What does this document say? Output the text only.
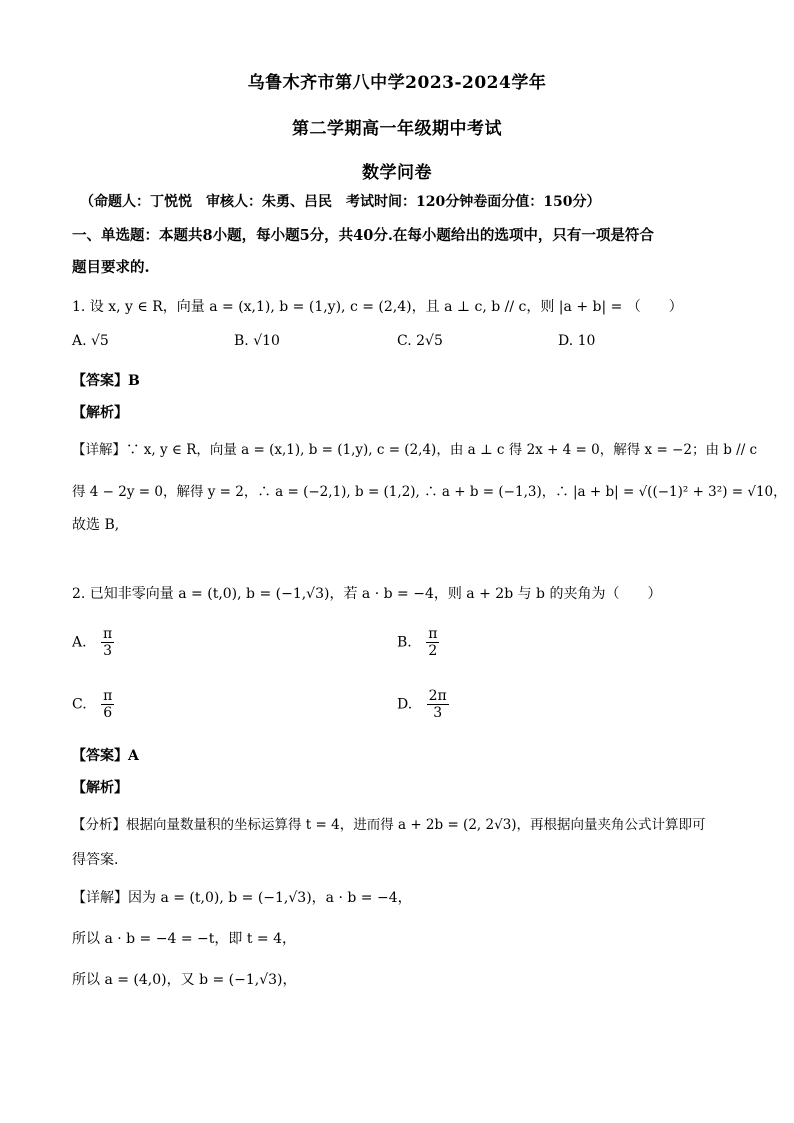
乌鲁木齐市第八中学2023-2024学年
第二学期高一年级期中考试
数学问卷
（命题人：丁悦悦　审核人：朱勇、吕民　考试时间：120分钟卷面分值：150分）
一、单选题：本题共8小题，每小题5分，共40分.在每小题给出的选项中，只有一项是符合
题目要求的.
1. 设 x, y ∈ R，向量 a = (x,1), b = (1,y), c = (2,4)，且 a ⊥ c, b // c，则 |a + b| = （　　）
A. √5	B. √10	C. 2√5	D. 10
【答案】B
【解析】
【详解】∵ x, y ∈ R，向量 a = (x,1), b = (1,y), c = (2,4)，由 a ⊥ c 得 2x + 4 = 0，解得 x = −2；由 b // c
得 4 − 2y = 0，解得 y = 2，∴ a = (−2,1), b = (1,2), ∴ a + b = (−1,3)，∴ |a + b| = √((−1)² + 3²) = √10，
故选 B,
2. 已知非零向量 a = (t,0), b = (−1,√3)，若 a · b = −4，则 a + 2b 与 b 的夹角为（　　）
A. $\frac{\pi}{3}$	B. $\frac{\pi}{2}$
C. $\frac{\pi}{6}$	D. $\frac{2\pi}{3}$
【答案】A
【解析】
【分析】根据向量数量积的坐标运算得 t = 4，进而得 a + 2b = (2, 2√3)，再根据向量夹角公式计算即可
得答案.
【详解】因为 a = (t,0), b = (−1,√3)，a · b = −4，
所以 a · b = −4 = −t，即 t = 4，
所以 a = (4,0)，又 b = (−1,√3)，
